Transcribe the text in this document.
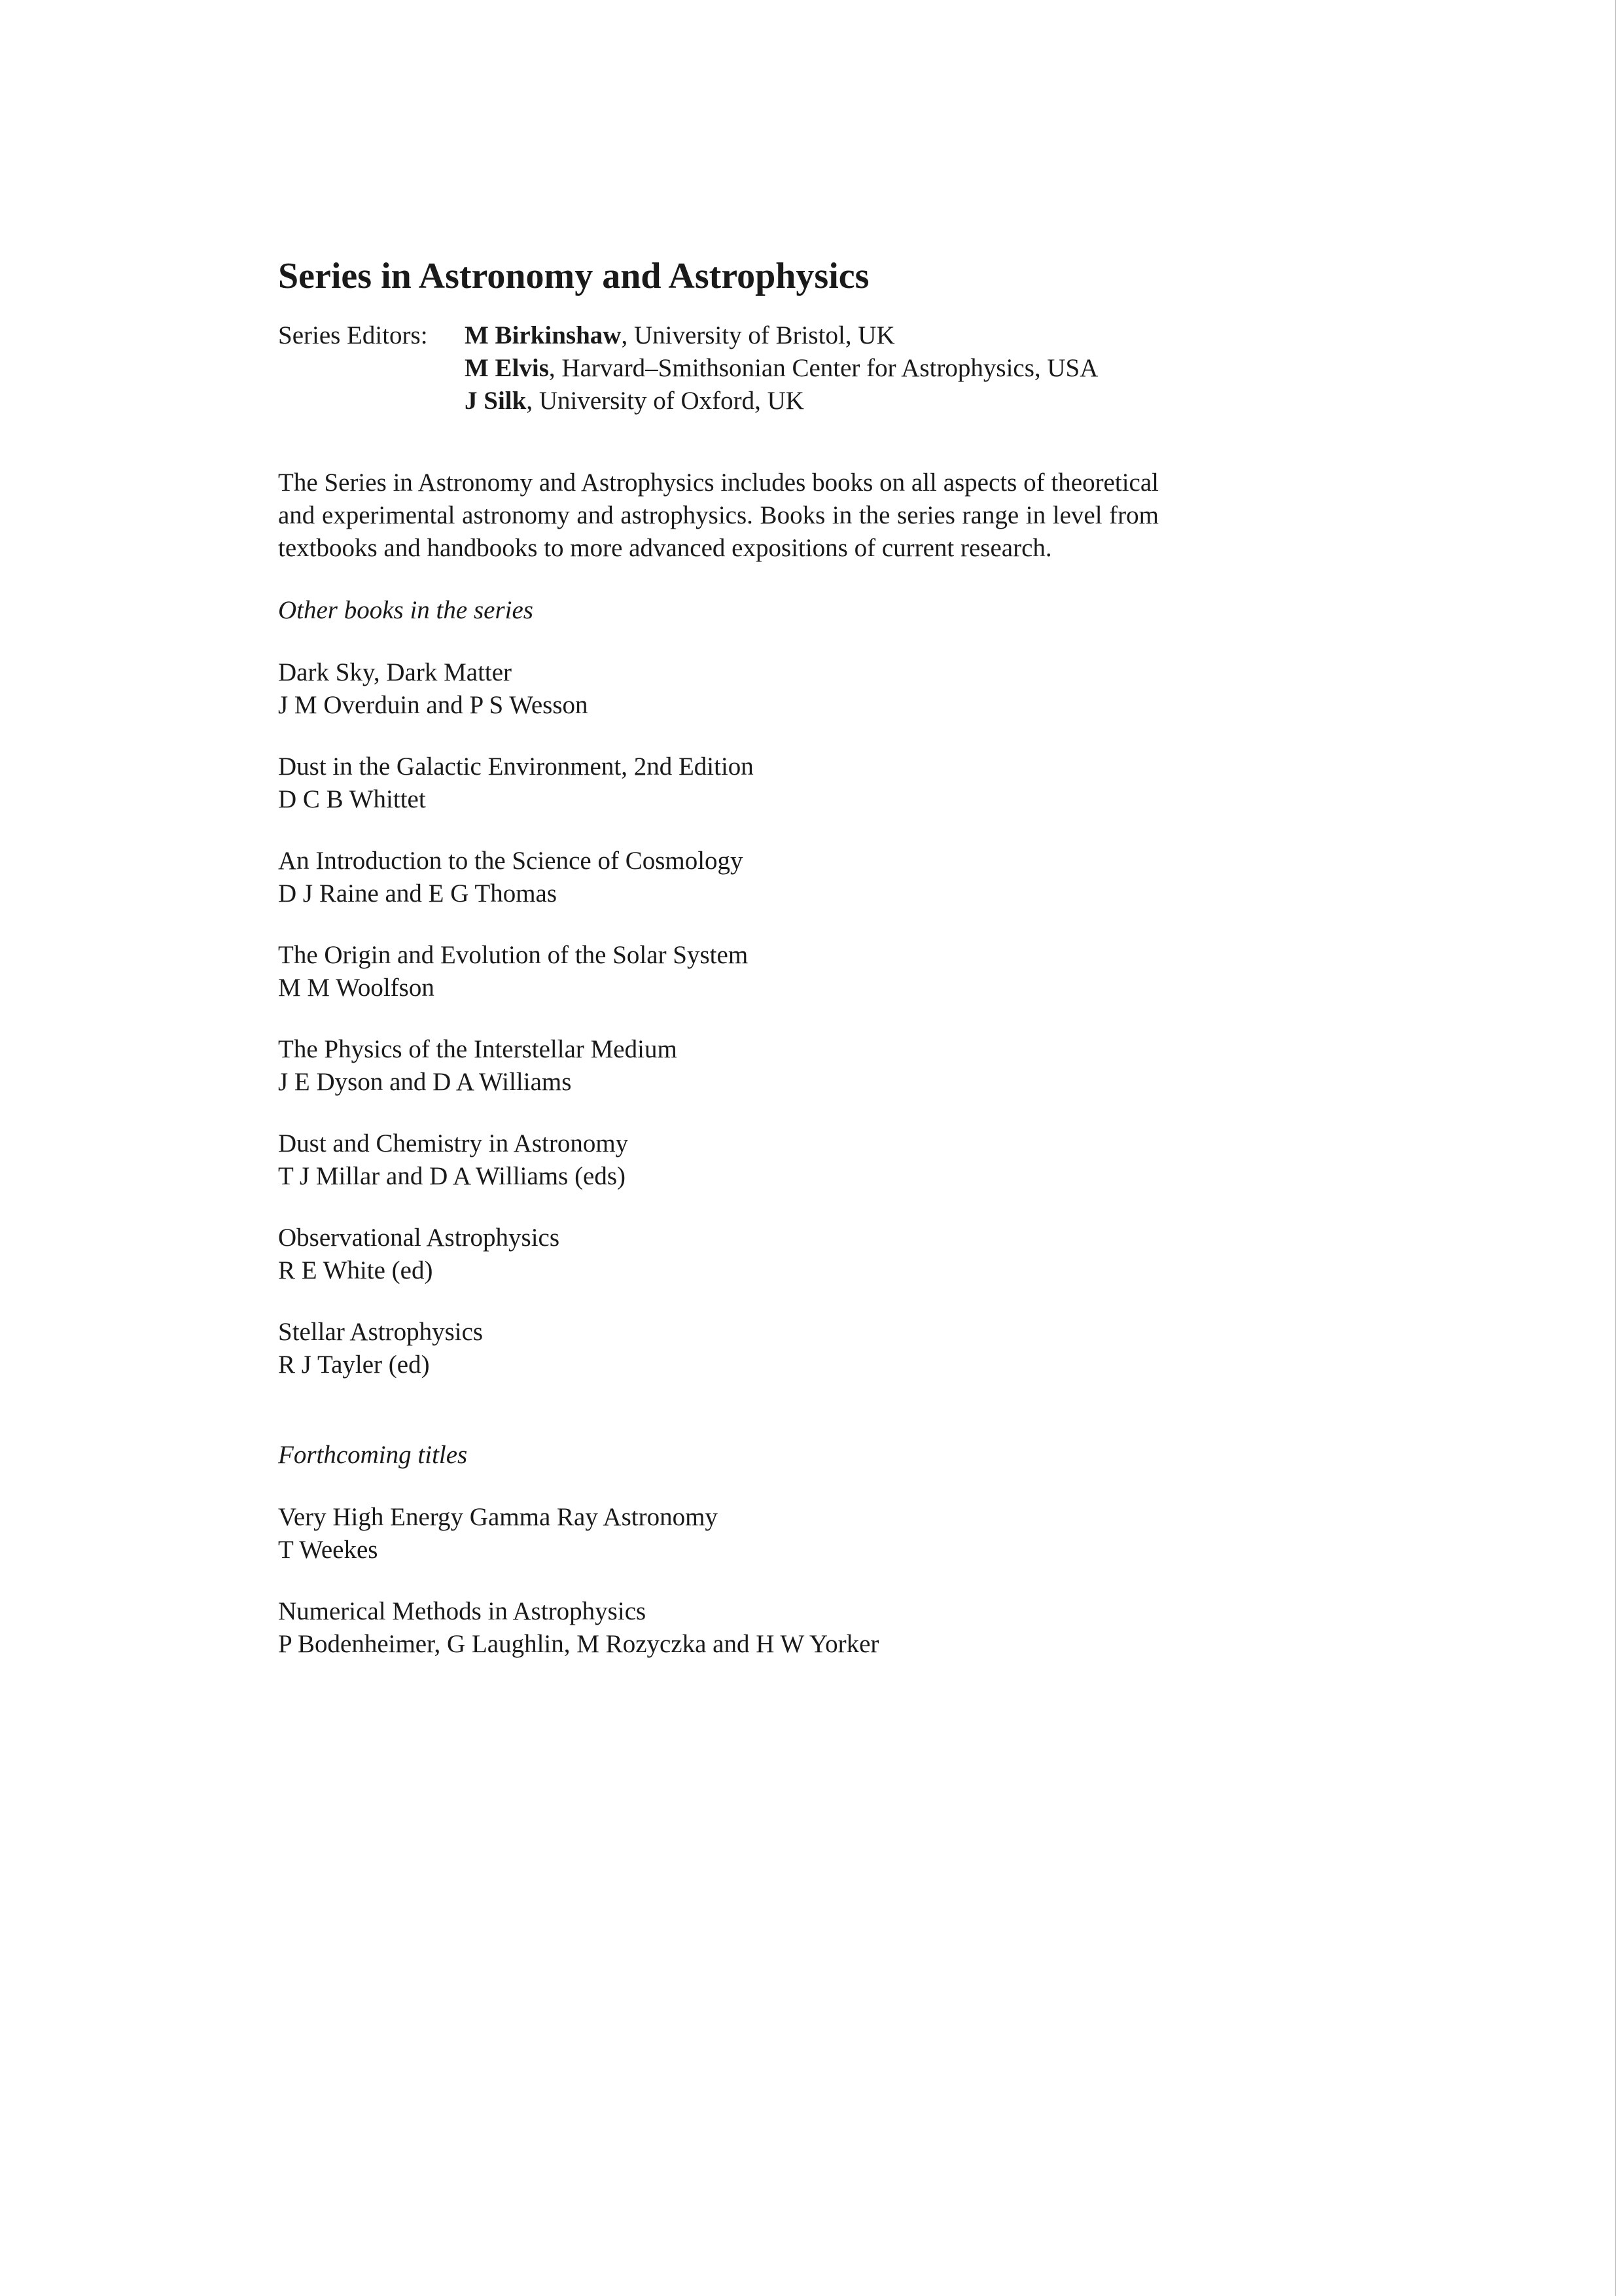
Series in Astronomy and Astrophysics
Series Editors:	M Birkinshaw, University of Bristol, UK
M Elvis, Harvard–Smithsonian Center for Astrophysics, USA
J Silk, University of Oxford, UK

The Series in Astronomy and Astrophysics includes books on all aspects of theoretical and experimental astronomy and astrophysics. Books in the series range in level from textbooks and handbooks to more advanced expositions of current research.

Other books in the series
Dark Sky, Dark Matter
J M Overduin and P S Wesson
Dust in the Galactic Environment, 2nd Edition
D C B Whittet
An Introduction to the Science of Cosmology
D J Raine and E G Thomas
The Origin and Evolution of the Solar System
M M Woolfson
The Physics of the Interstellar Medium
J E Dyson and D A Williams
Dust and Chemistry in Astronomy
T J Millar and D A Williams (eds)
Observational Astrophysics
R E White (ed)
Stellar Astrophysics
R J Tayler (ed)
Forthcoming titles
Very High Energy Gamma Ray Astronomy
T Weekes
Numerical Methods in Astrophysics
P Bodenheimer, G Laughlin, M Rozyczka and H W Yorker
